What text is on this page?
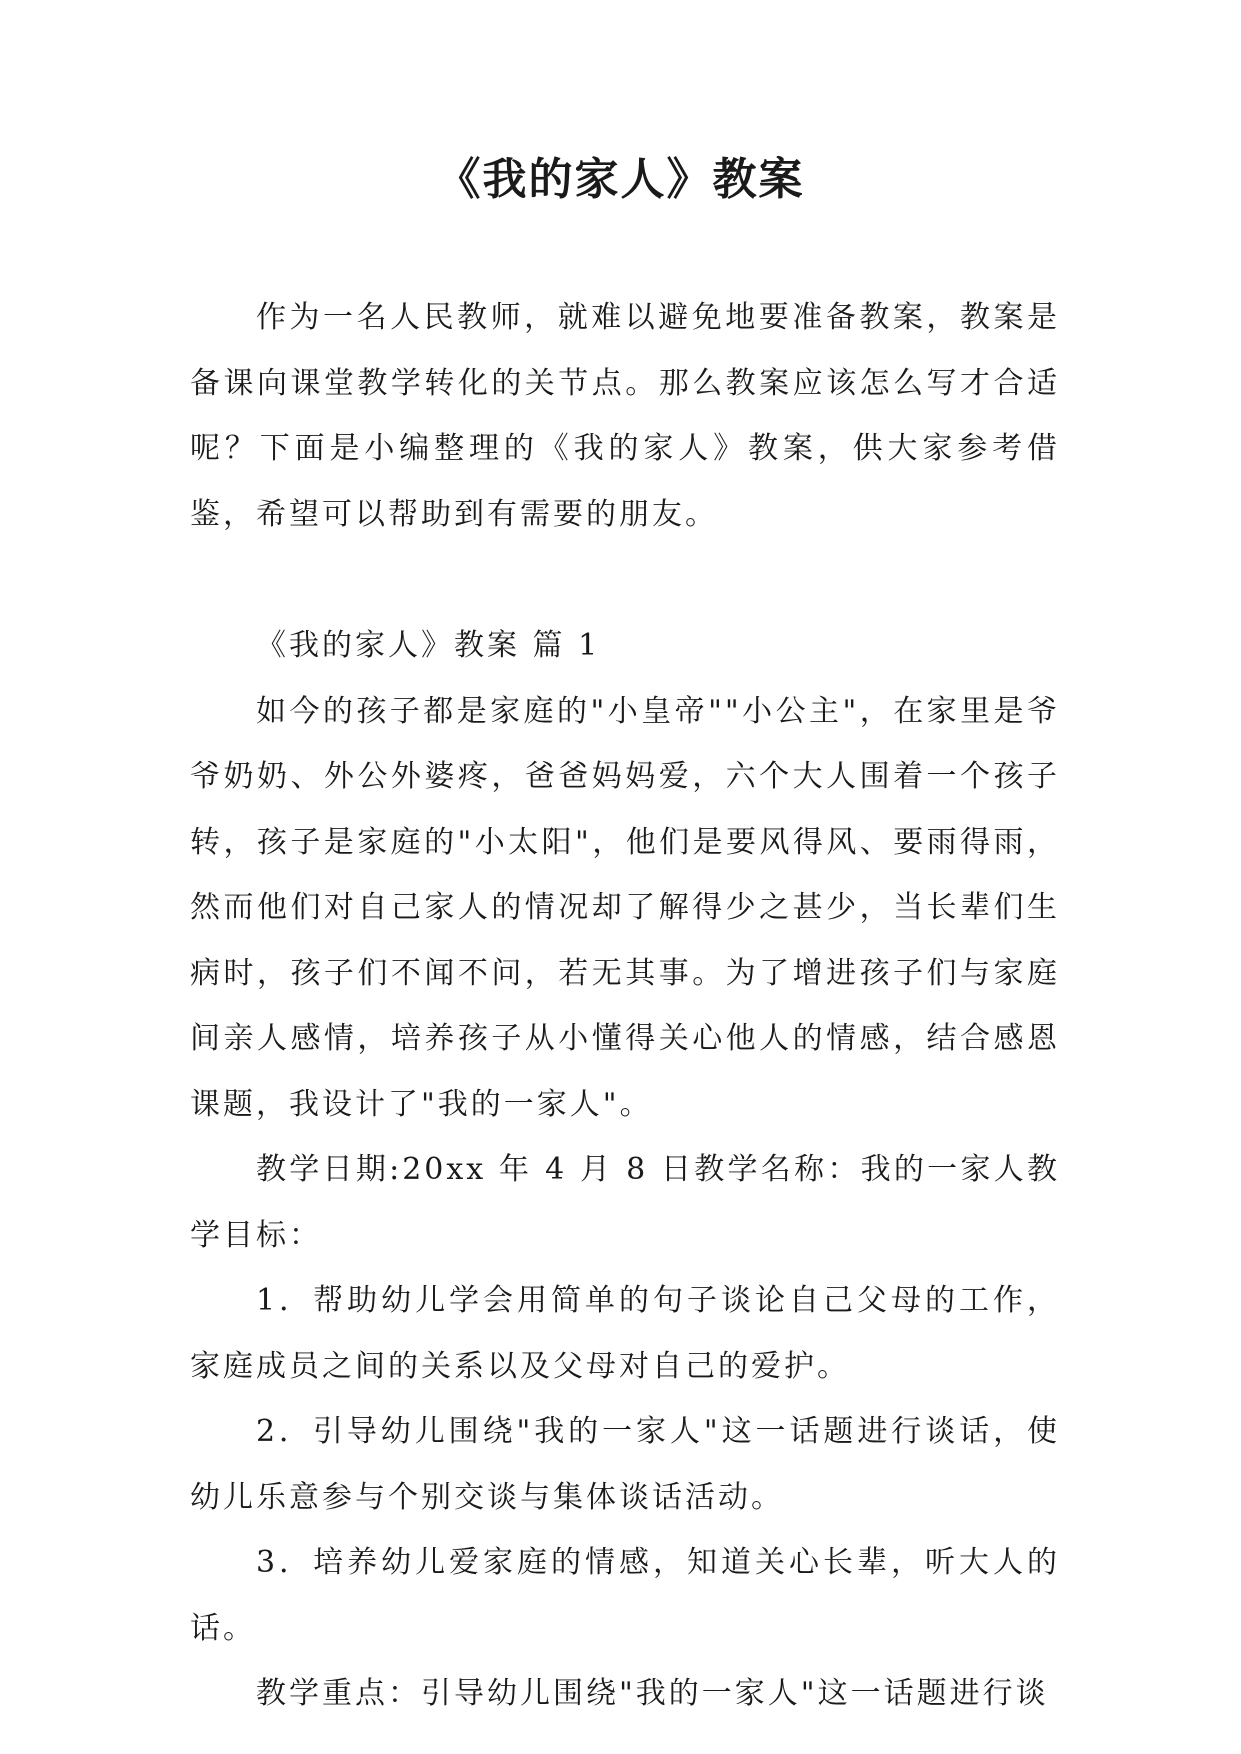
《我的家人》教案

作为一名人民教师，就难以避免地要准备教案，教案是备课向课堂教学转化的关节点。那么教案应该怎么写才合适呢？下面是小编整理的《我的家人》教案，供大家参考借鉴，希望可以帮助到有需要的朋友。

《我的家人》教案 篇 1

如今的孩子都是家庭的"小皇帝""小公主"，在家里是爷爷奶奶、外公外婆疼，爸爸妈妈爱，六个大人围着一个孩子转，孩子是家庭的"小太阳"，他们是要风得风、要雨得雨，然而他们对自己家人的情况却了解得少之甚少，当长辈们生病时，孩子们不闻不问，若无其事。为了增进孩子们与家庭间亲人感情，培养孩子从小懂得关心他人的情感，结合感恩课题，我设计了"我的一家人"。

教学日期:20xx 年 4 月 8 日教学名称：我的一家人教学目标：

1．帮助幼儿学会用简单的句子谈论自己父母的工作，家庭成员之间的关系以及父母对自己的爱护。

2．引导幼儿围绕"我的一家人"这一话题进行谈话，使幼儿乐意参与个别交谈与集体谈话活动。

3．培养幼儿爱家庭的情感，知道关心长辈，听大人的话。

教学重点：引导幼儿围绕"我的一家人"这一话题进行谈
